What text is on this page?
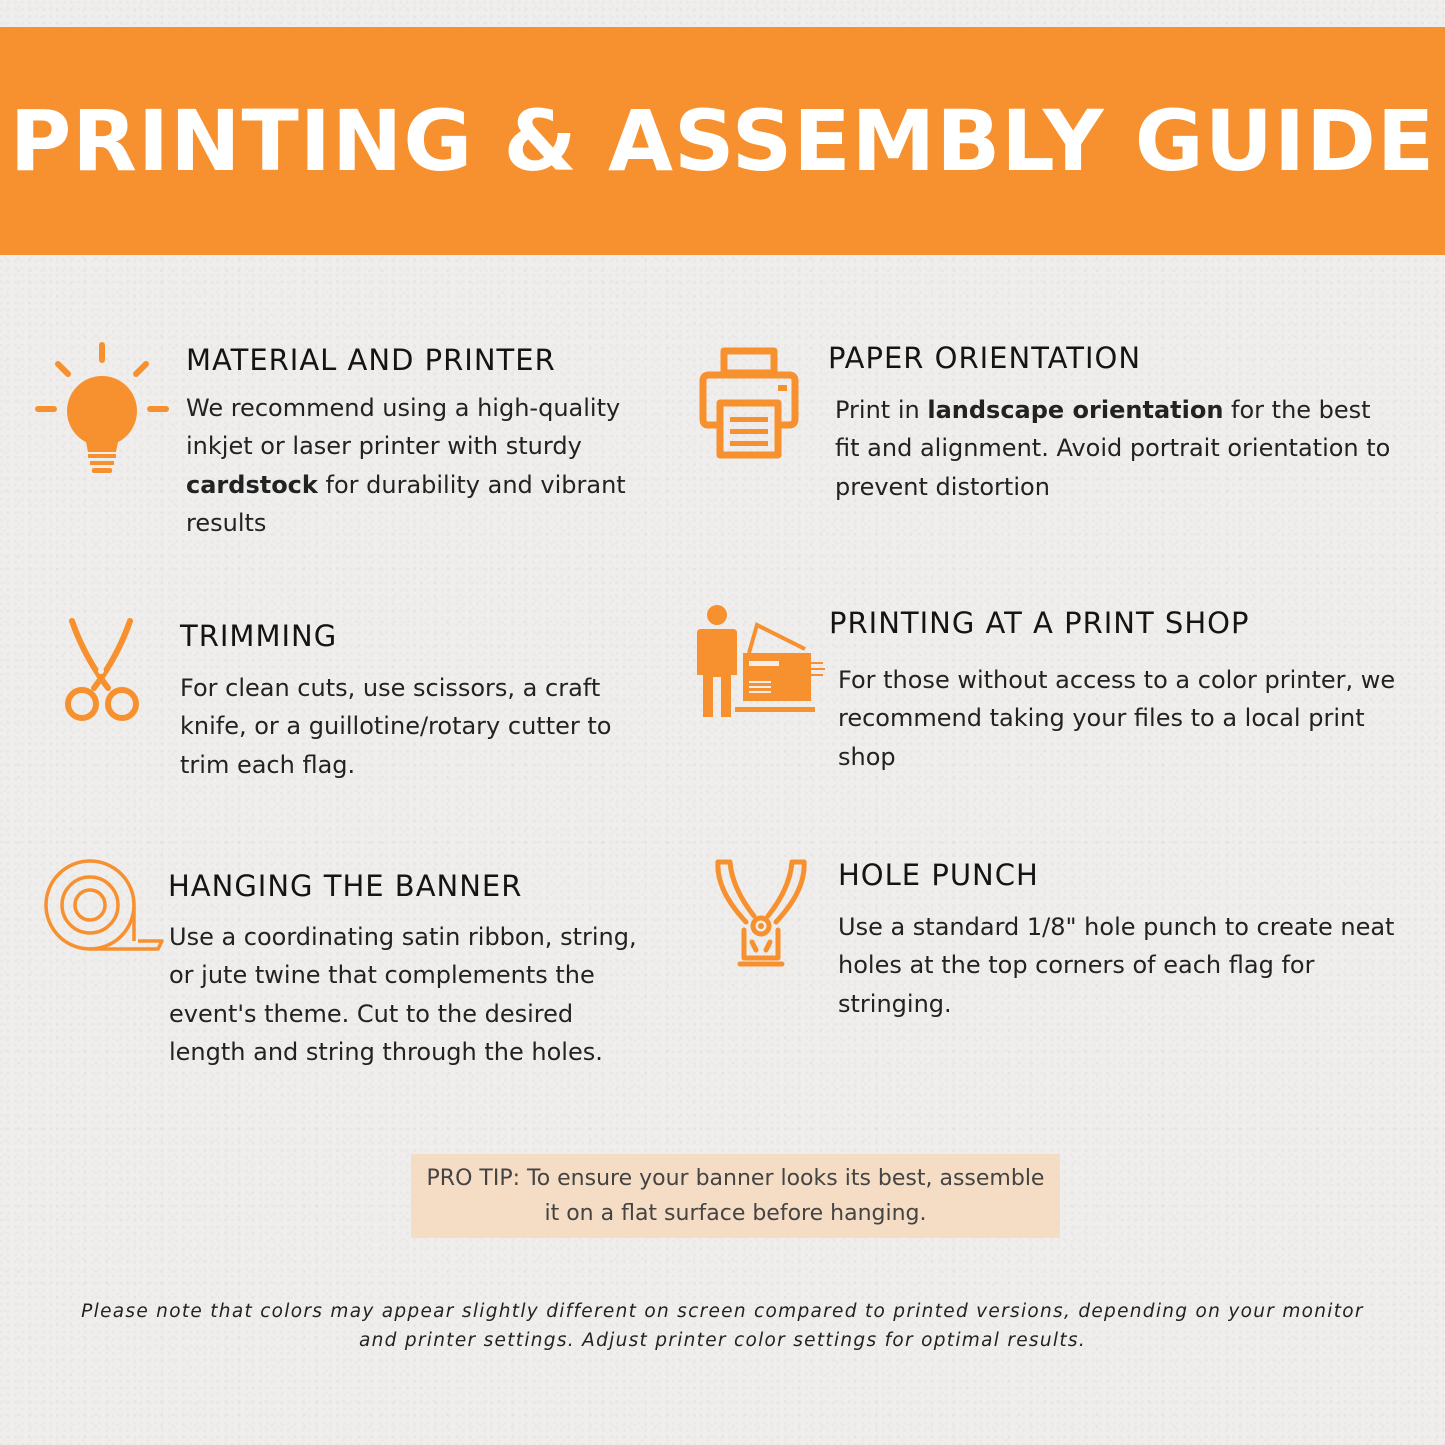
PRINTING & ASSEMBLY GUIDE
MATERIAL AND PRINTER

We recommend using a high-quality inkjet or laser printer with sturdy cardstock for durability and vibrant results

PAPER ORIENTATION

Print in landscape orientation for the best fit and alignment. Avoid portrait orientation to prevent distortion

TRIMMING

For clean cuts, use scissors, a craft knife, or a guillotine/rotary cutter to trim each flag.

PRINTING AT A PRINT SHOP

For those without access to a color printer, we recommend taking your files to a local print shop

HANGING THE BANNER

Use a coordinating satin ribbon, string, or jute twine that complements the event's theme. Cut to the desired length and string through the holes.

HOLE PUNCH

Use a standard 1/8" hole punch to create neat holes at the top corners of each flag for stringing.

PRO TIP: To ensure your banner looks its best, assemble it on a flat surface before hanging.

Please note that colors may appear slightly different on screen compared to printed versions, depending on your monitor and printer settings. Adjust printer color settings for optimal results.
